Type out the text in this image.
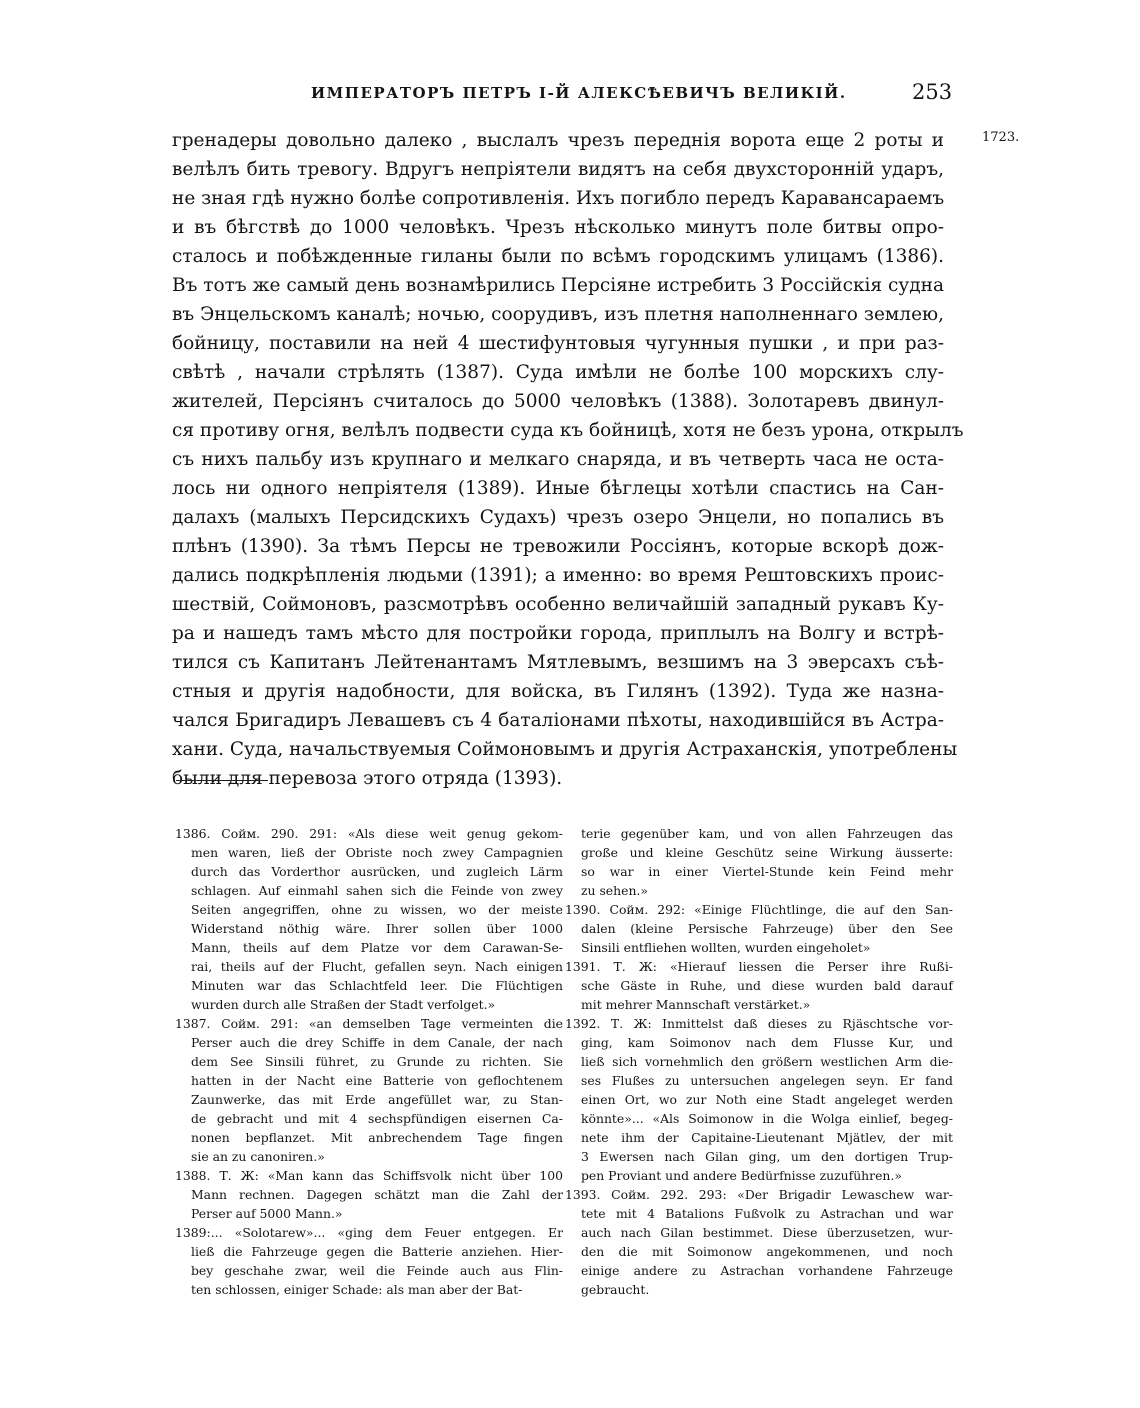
ИМПЕРАТОРЪ ПЕТРЪ І-Й АЛЕКСѢЕВИЧЪ ВЕЛИКІЙ.	253
1723.
гренадеры довольно далеко , выслалъ чрезъ переднія ворота еще 2 роты и
велѣлъ бить тревогу. Вдругъ непріятели видятъ на себя двухсторонній ударъ,
не зная гдѣ нужно болѣе сопротивленія. Ихъ погибло передъ Каравансараемъ
и въ бѣгствѣ до 1000 человѣкъ. Чрезъ нѣсколько минутъ поле битвы опро-
сталось и побѣжденные гиланы были по всѣмъ городскимъ улицамъ (1386).
Въ тотъ же самый день вознамѣрились Персіяне истребить 3 Россійскія судна
въ Энцельскомъ каналѣ; ночью, соорудивъ, изъ плетня наполненнаго землею,
бойницу, поставили на ней 4 шестифунтовыя чугунныя пушки , и при раз-
свѣтѣ , начали стрѣлять (1387). Суда имѣли не болѣе 100 морскихъ слу-
жителей, Персіянъ считалось до 5000 человѣкъ (1388). Золотаревъ двинул-
ся противу огня, велѣлъ подвести суда къ бойницѣ, хотя не безъ урона, открылъ
съ нихъ пальбу изъ крупнаго и мелкаго снаряда, и въ четверть часа не оста-
лось ни одного непріятеля (1389). Иные бѣглецы хотѣли спастись на Сан-
далахъ (малыхъ Персидскихъ Судахъ) чрезъ озеро Энцели, но попались въ
плѣнъ (1390). За тѣмъ Персы не тревожили Россіянъ, которые вскорѣ дож-
дались подкрѣпленія людьми (1391); а именно: во время Рештовскихъ проис-
шествій, Соймоновъ, разсмотрѣвъ особенно величайшій западный рукавъ Ку-
ра и нашедъ тамъ мѣсто для постройки города, приплылъ на Волгу и встрѣ-
тился съ Капитанъ Лейтенантамъ Мятлевымъ, везшимъ на 3 эверсахъ съѣ-
стныя и другія надобности, для войска, въ Гилянъ (1392). Туда же назна-
чался Бригадиръ Левашевъ съ 4 баталіонами пѣхоты, находившійся въ Астра-
хани. Суда, начальствуемыя Соймоновымъ и другія Астраханскія, употреблены
были для перевоза этого отряда (1393).
1386. Сойм. 290. 291: «Als diese weit genug gekom-
men waren, ließ der Obriste noch zwey Campagnien
durch das Vorderthor ausrücken, und zugleich Lärm
schlagen. Auf einmahl sahen sich die Feinde von zwey
Seiten angegriffen, ohne zu wissen, wo der meiste
Widerstand nöthig wäre. Ihrer sollen über 1000
Mann, theils auf dem Platze vor dem Carawan-Se-
rai, theils auf der Flucht, gefallen seyn. Nach einigen
Minuten war das Schlachtfeld leer. Die Flüchtigen
wurden durch alle Straßen der Stadt verfolget.»
1387. Сойм. 291: «an demselben Tage vermeinten die
Perser auch die drey Schiffe in dem Canale, der nach
dem See Sinsili führet, zu Grunde zu richten. Sie
hatten in der Nacht eine Batterie von geflochtenem
Zaunwerke, das mit Erde angefüllet war, zu Stan-
de gebracht und mit 4 sechspfündigen eisernen Ca-
nonen bepflanzet. Mit anbrechendem Tage fingen
sie an zu canoniren.»
1388. Т. Ж: «Man kann das Schiffsvolk nicht über 100
Mann rechnen. Dagegen schätzt man die Zahl der
Perser auf 5000 Mann.»
1389:... «Solotarew»... «ging dem Feuer entgegen. Er
ließ die Fahrzeuge gegen die Batterie anziehen. Hier-
bey geschahe zwar, weil die Feinde auch aus Flin-
ten schlossen, einiger Schade: als man aber der Bat-
terie gegenüber kam, und von allen Fahrzeugen das
große und kleine Geschütz seine Wirkung äusserte:
so war in einer Viertel-Stunde kein Feind mehr
zu sehen.»
1390. Сойм. 292: «Einige Flüchtlinge, die auf den San-
dalen (kleine Persische Fahrzeuge) über den See
Sinsili entfliehen wollten, wurden eingeholet»
1391. Т. Ж: «Hierauf liessen die Perser ihre Rußi-
sche Gäste in Ruhe, und diese wurden bald darauf
mit mehrer Mannschaft verstärket.»
1392. Т. Ж: Inmittelst daß dieses zu Rjäschtsche vor-
ging, kam Soimonov nach dem Flusse Kur, und
ließ sich vornehmlich den größern westlichen Arm die-
ses Flußes zu untersuchen angelegen seyn. Er fand
einen Ort, wo zur Noth eine Stadt angeleget werden
könnte»... «Als Soimonow in die Wolga einlief, begeg-
nete ihm der Capitaine-Lieutenant Mjätlev, der mit
3 Ewersen nach Gilan ging, um den dortigen Trup-
pen Proviant und andere Bedürfnisse zuzuführen.»
1393. Сойм. 292. 293: «Der Brigadir Lewaschew war-
tete mit 4 Batalions Fußvolk zu Astrachan und war
auch nach Gilan bestimmet. Diese überzusetzen, wur-
den die mit Soimonow angekommenen, und noch
einige andere zu Astrachan vorhandene Fahrzeuge
gebraucht.
